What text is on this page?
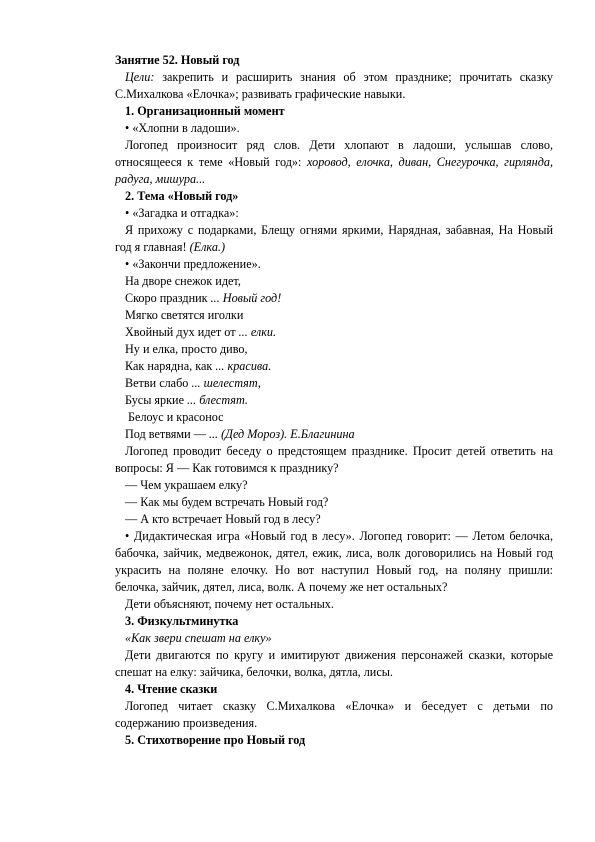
Занятие 52. Новый год

Цели: закрепить и расширить знания об этом празднике; прочитать сказку С.Михалкова «Елочка»; развивать графические навыки.

1. Организационный момент

• «Хлопни в ладоши».

Логопед произносит ряд слов. Дети хлопают в ладоши, услышав слово, относящееся к теме «Новый год»: хоровод, елочка, диван, Снегурочка, гирлянда, радуга, мишура...

2. Тема «Новый год»

• «Загадка и отгадка»:

Я прихожу с подарками, Блещу огнями яркими, Нарядная, забавная, На Новый год я главная! (Елка.)

• «Закончи предложение».

На дворе снежок идет,

Скоро праздник ... Новый год!

Мягко светятся иголки

Хвойный дух идет от ... елки.

Ну и елка, просто диво,

Как нарядна, как ... красива.

Ветви слабо ... шелестят,

Бусы яркие ... блестят.

Белоус и красонос

Под ветвями — ... (Дед Мороз). Е.Благинина

Логопед проводит беседу о предстоящем празднике. Просит детей ответить на вопросы: Я — Как готовимся к празднику?

— Чем украшаем елку?

— Как мы будем встречать Новый год?

— А кто встречает Новый год в лесу?

• Дидактическая игра «Новый год в лесу». Логопед говорит: — Летом белочка, бабочка, зайчик, медвежонок, дятел, ежик, лиса, волк договорились на Новый год украсить на поляне елочку. Но вот наступил Новый год, на поляну пришли: белочка, зайчик, дятел, лиса, волк. А почему же нет остальных?

Дети объясняют, почему нет остальных.

3. Физкультминутка

«Как звери спешат на елку»

Дети двигаются по кругу и имитируют движения персонажей сказки, которые спешат на елку: зайчика, белочки, волка, дятла, лисы.

4. Чтение сказки

Логопед читает сказку С.Михалкова «Елочка» и беседует с детьми по содержанию произведения.

5. Стихотворение про Новый год
